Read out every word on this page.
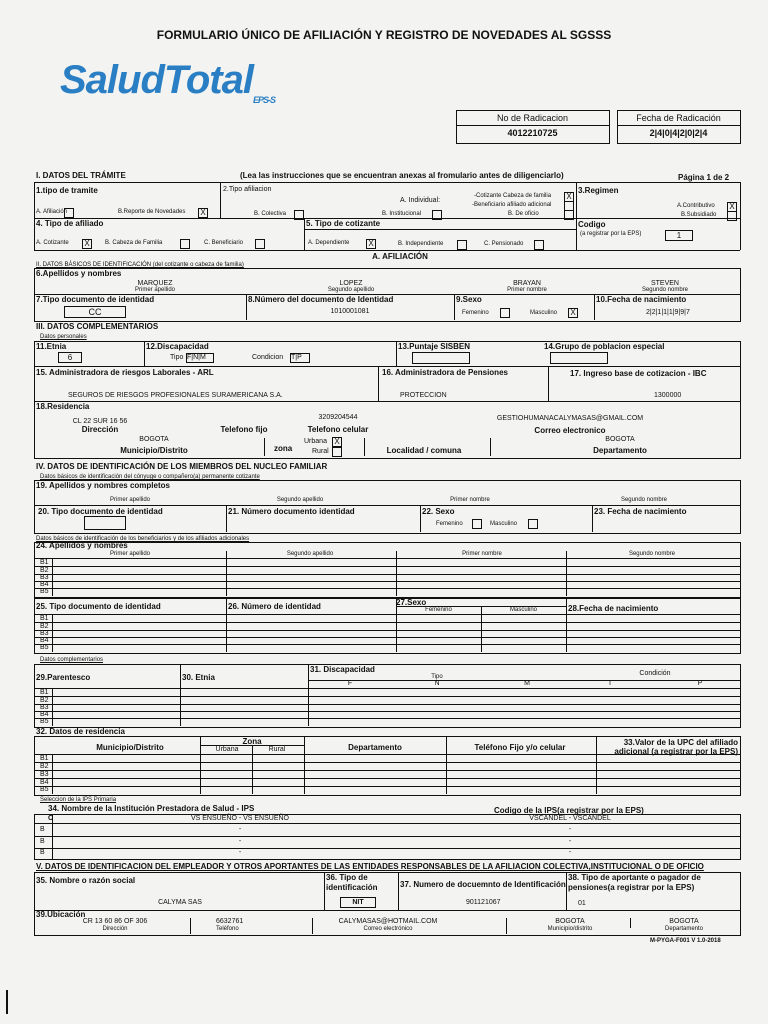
FORMULARIO ÚNICO DE AFILIACIÓN Y REGISTRO DE NOVEDADES AL SGSSS
SaludTotal$_{EPS-S}$
No de Radicacion
4012210725
Fecha de Radicación
2|4|0|4|2|0|2|4
I. DATOS DEL TRÁMITE	(Lea las instrucciones que se encuentran anexas al fromulario antes de diligenciarlo)	Página 1 de 2
1.tipo de tramite
A. Afiliación	B.Reporte de Novedades X
2.Tipo afiliacion
A. Individual:
B. Colectiva	B. Institucional
-Cotizante Cabeza de familia X
-Beneficiario afiliado adicional
B. De oficio
3.Regimen
A.Contributivo X
B.Subsidiado
4. Tipo de afiliado	5. Tipo de cotizante	Codigo
(a registrar por la EPS)	1
A. Cotizante X	B. Cabeza de Familia	C. Beneficiario	A. Dependiente X	B. Independiente	C. Pensionado
A. AFILIACIÓN
II. DATOS BÁSICOS DE IDENTIFICACIÓN (del cotizante o cabeza de familia)
6.Apellidos y nombres
MARQUEZ
Primer apellido
LOPEZ
Segundo apellido
BRAYAN
Primer nombre
STEVEN
Segundo nombre
7.Tipo documento de identidad
CC
8.Número del documento de Identidad
1010001081
9.Sexo
Femenino	Masculino X
10.Fecha de nacimiento
2|2|1|1|1|9|9|7
III. DATOS COMPLEMENTARIOS
Datos personales
11.Etnia
6
12.Discapacidad
Tipo F|N|M	Condicion T|P
13.Puntaje SISBEN	14.Grupo de poblacion especial
15. Administradora de riesgos Laborales - ARL	16. Administradora de Pensiones	17. Ingreso base de cotizacion - IBC
SEGUROS DE RIESGOS PROFESIONALES SURAMERICANA S.A.	PROTECCION	1300000
18.Residencia
CL 22 SUR 16 56
Dirección	Telefono fijo
3209204544
Telefono celular
GESTIOHUMANACALYMASAS@GMAIL.COM
Correo electronico
BOGOTA
Municipio/Distrito	zona
Urbana X
Rural	Localidad / comuna
BOGOTA
Departamento
IV. DATOS DE IDENTIFICACIÓN DE LOS MIEMBROS DEL NUCLEO FAMILIAR
Datos básicos de identificación del cónyuge o compañero(a) permanente cotizante
19. Apellidos y nombres completos
Primer apellido	Segundo apellido	Primer nombre	Segundo nombre
20. Tipo documento de identidad	21. Número documento identidad	22. Sexo
Femenino	Masculino
23. Fecha de nacimiento
Datos básicos de identificación de los beneficiarios y de los afiliados adicionales
24. Apellidos y nombres
Primer apellido	Segundo apellido	Primer nombre	Segundo nombre
B1
B2
B3
B4
B5
25. Tipo documento de identidad	26. Número de identidad	27.Sexo
Femenino	Masculino	28.Fecha de nacimiento
B1
B2
B3
B4
B5
Datos complementarios
29.Parentesco	30. Etnia
31. Discapacidad
F
Tipo
N	M
Condición
T	P
B1
B2
B3
B4
B5
32. Datos de residencia
Municipio/Distrito
Zona
Urbana	Rural	Departamento	Teléfono Fijo y/o celular
33.Valor de la UPC del afiliado adicional (a registrar por la EPS)
B1
B2
B3
B4
B5
Seleccion de la IPS Primaria
34. Nombre de la Institución Prestadora de Salud - IPS	Codigo de la IPS(a registrar por la EPS)
C	VS ENSUEÑO - VS ENSUEÑO	VSCANDEL - VSCANDEL
B	-	-
B	-	-
B	-	-
V. DATOS DE IDENTIFICACION DEL EMPLEADOR Y OTROS APORTANTES DE LAS ENTIDADES RESPONSABLES DE LA AFILIACION COLECTIVA,INSTITUCIONAL O DE OFICIO
35. Nombre o razón social	36. Tipo de identificación	37. Numero de docuemnto de Identificación
38. Tipo de aportante o pagador de pensiones(a registrar por la EPS)
CALYMA SAS	NIT	901121067	01
39.Ubicación
CR 13 60 86 OF 306
Dirección
6632761
Teléfono
CALYMASAS@HOTMAIL.COM
Correo electrónico
BOGOTA
Municipio/distrito
BOGOTA
Departamento
M-PYGA-F001 V 1.0-2018
